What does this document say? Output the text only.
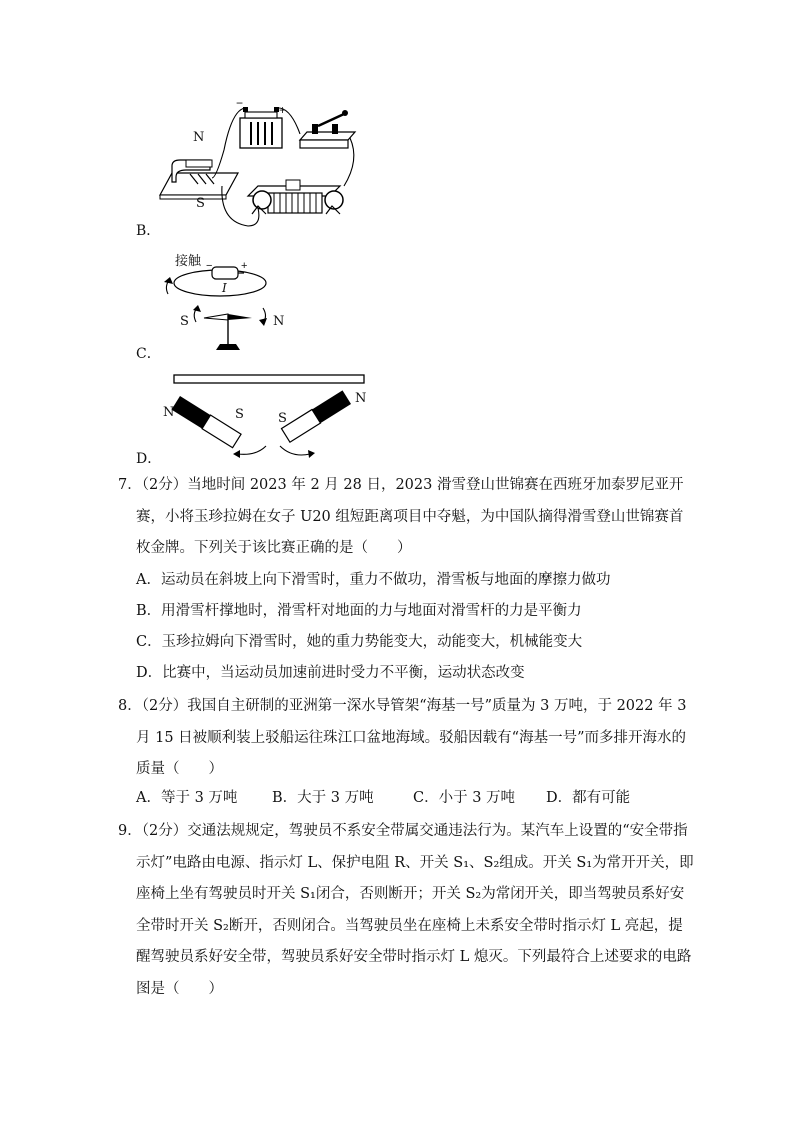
−	+
N
S
B．
接触 −	+
I
S	N
C．
N	S	S
N
D．
7．（2分）当地时间 2023 年 2 月 28 日，2023 滑雪登山世锦赛在西班牙加泰罗尼亚开赛，小将玉珍拉姆在女子 U20 组短距离项目中夺魁，为中国队摘得滑雪登山世锦赛首枚金牌。下列关于该比赛正确的是（　　）
A．运动员在斜坡上向下滑雪时，重力不做功，滑雪板与地面的摩擦力做功
B．用滑雪杆撑地时，滑雪杆对地面的力与地面对滑雪杆的力是平衡力
C．玉珍拉姆向下滑雪时，她的重力势能变大，动能变大，机械能变大
D．比赛中，当运动员加速前进时受力不平衡，运动状态改变
8．（2分）我国自主研制的亚洲第一深水导管架“海基一号”质量为 3 万吨，于 2022 年 3 月 15 日被顺利装上驳船运往珠江口盆地海域。驳船因载有“海基一号”而多排开海水的质量（　　）
A．等于 3 万吨 B．大于 3 万吨	C．小于 3 万吨 D．都有可能
9．（2分）交通法规规定，驾驶员不系安全带属交通违法行为。某汽车上设置的“安全带指示灯”电路由电源、指示灯 L、保护电阻 R、开关 S₁、S₂组成。开关 S₁为常开开关，即座椅上坐有驾驶员时开关 S₁闭合，否则断开；开关 S₂为常闭开关，即当驾驶员系好安全带时开关 S₂断开，否则闭合。当驾驶员坐在座椅上未系安全带时指示灯 L 亮起，提醒驾驶员系好安全带，驾驶员系好安全带时指示灯 L 熄灭。下列最符合上述要求的电路图是（　　）
